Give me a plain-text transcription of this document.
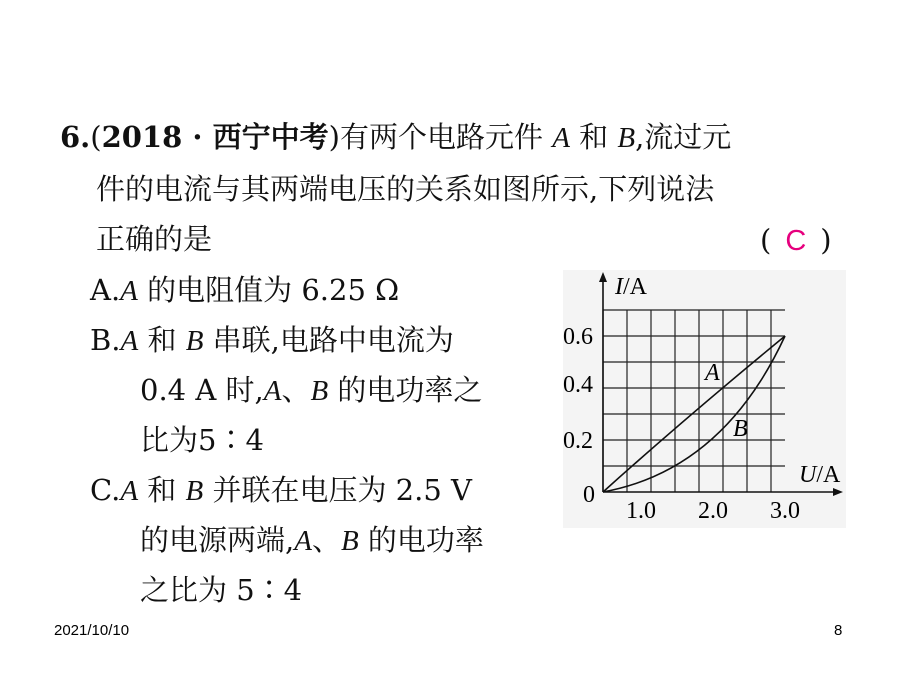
6.(2018 · 西宁中考)有两个电路元件 A 和 B,流过元
件的电流与其两端电压的关系如图所示,下列说法
正确的是	( C )
A.A 的电阻值为 6.25 Ω
B.A 和 B 串联,电路中电流为
0.4 A 时,A、B 的电功率之
比为5∶4
C.A 和 B 并联在电压为 2.5 V
的电源两端,A、B 的电功率
之比为 5∶4
I/A
U/A
0
1.0 2.0 3.0
0.2
0.4
0.6
A
B
2021/10/10	8
